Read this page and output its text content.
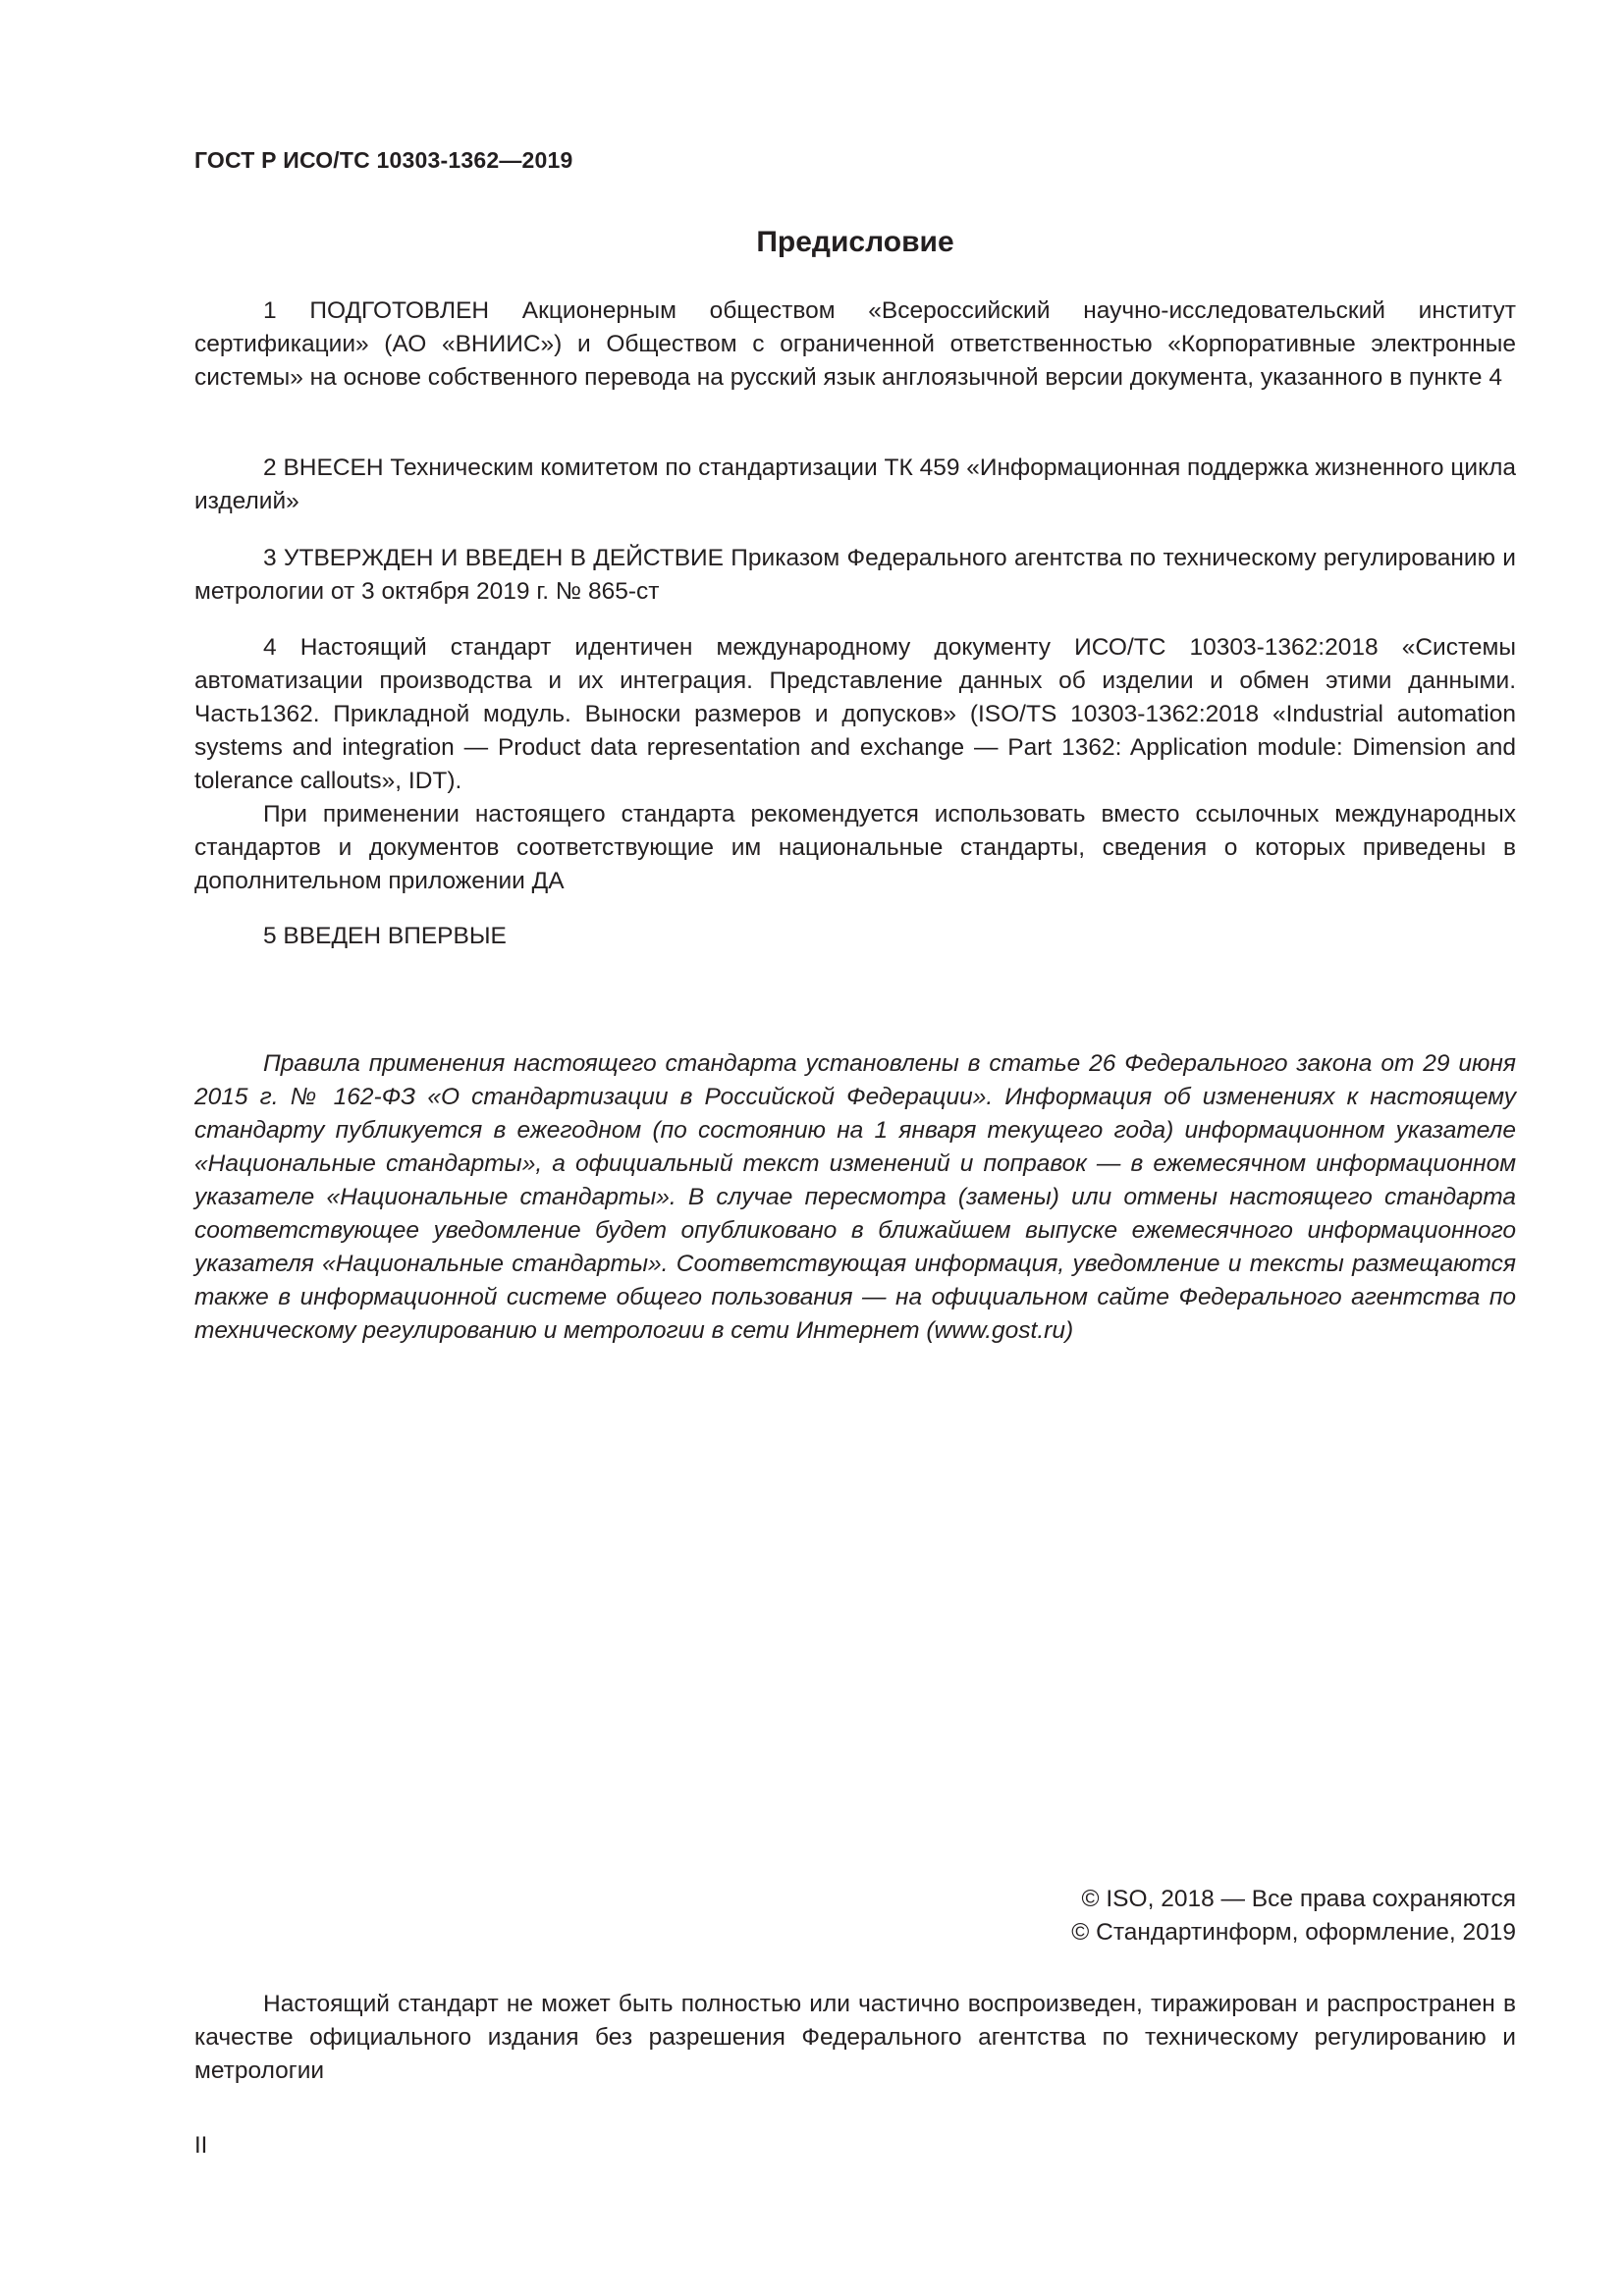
ГОСТ Р ИСО/ТС 10303-1362—2019
Предисловие

1 ПОДГОТОВЛЕН Акционерным обществом «Всероссийский научно-исследовательский институт сертификации» (АО «ВНИИС») и Обществом с ограниченной ответственностью «Корпоративные электронные системы» на основе собственного перевода на русский язык англоязычной версии документа, указанного в пункте 4

2 ВНЕСЕН Техническим комитетом по стандартизации ТК 459 «Информационная поддержка жизненного цикла изделий»

3 УТВЕРЖДЕН И ВВЕДЕН В ДЕЙСТВИЕ Приказом Федерального агентства по техническому регулированию и метрологии от 3 октября 2019 г. № 865-ст

4 Настоящий стандарт идентичен международному документу ИСО/ТС 10303-1362:2018 «Системы автоматизации производства и их интеграция. Представление данных об изделии и обмен этими данными. Часть1362. Прикладной модуль. Выноски размеров и допусков» (ISO/TS 10303-1362:2018 «Industrial automation systems and integration — Product data representation and exchange — Part 1362: Application module: Dimension and tolerance callouts», IDT).

При применении настоящего стандарта рекомендуется использовать вместо ссылочных международных стандартов и документов соответствующие им национальные стандарты, сведения о которых приведены в дополнительном приложении ДА

5 ВВЕДЕН ВПЕРВЫЕ

Правила применения настоящего стандарта установлены в статье 26 Федерального закона от 29 июня 2015 г. № 162-ФЗ «О стандартизации в Российской Федерации». Информация об изменениях к настоящему стандарту публикуется в ежегодном (по состоянию на 1 января текущего года) информационном указателе «Национальные стандарты», а официальный текст изменений и поправок — в ежемесячном информационном указателе «Национальные стандарты». В случае пересмотра (замены) или отмены настоящего стандарта соответствующее уведомление будет опубликовано в ближайшем выпуске ежемесячного информационного указателя «Национальные стандарты». Соответствующая информация, уведомление и тексты размещаются также в информационной системе общего пользования — на официальном сайте Федерального агентства по техническому регулированию и метрологии в сети Интернет (www.gost.ru)

© ISO, 2018 — Все права сохраняются
© Стандартинформ, оформление, 2019

Настоящий стандарт не может быть полностью или частично воспроизведен, тиражирован и распространен в качестве официального издания без разрешения Федерального агентства по техническому регулированию и метрологии

II
